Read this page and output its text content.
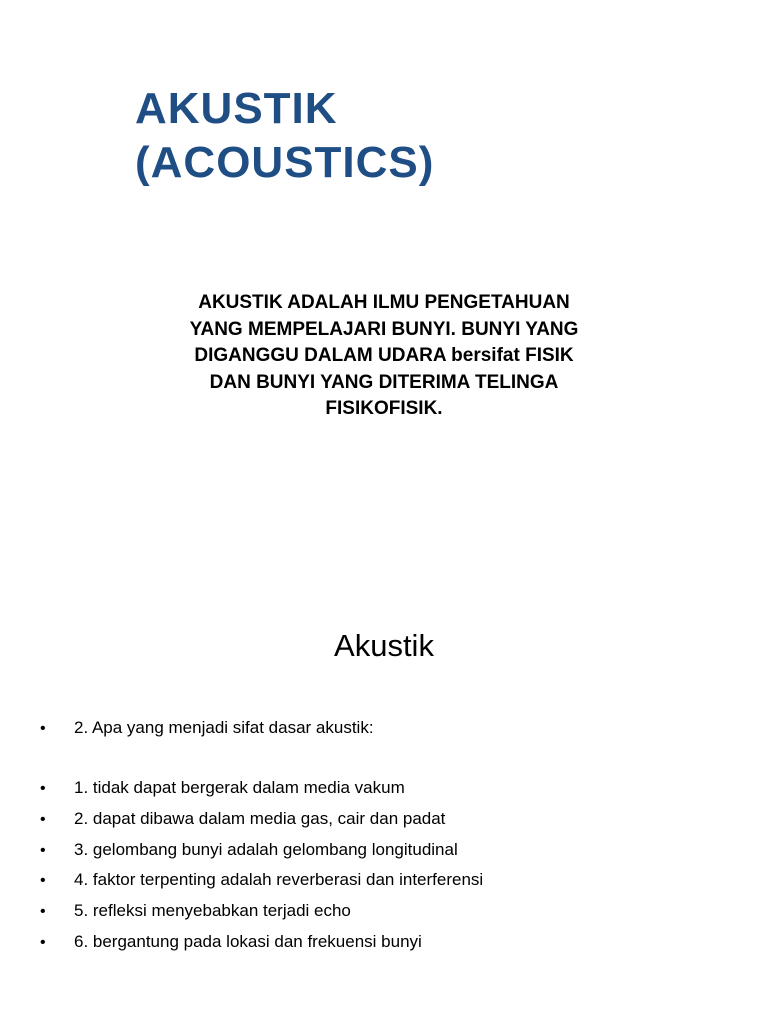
AKUSTIK
(ACOUSTICS)
AKUSTIK ADALAH ILMU PENGETAHUAN
YANG MEMPELAJARI BUNYI. BUNYI YANG
DIGANGGU DALAM UDARA bersifat FISIK
DAN BUNYI YANG DITERIMA TELINGA
FISIKOFISIK.
Akustik
• 2. Apa yang menjadi sifat dasar akustik:
• 1. tidak dapat bergerak dalam media vakum
• 2. dapat dibawa dalam media gas, cair dan padat
• 3. gelombang bunyi adalah gelombang longitudinal
• 4. faktor terpenting adalah reverberasi dan interferensi
• 5. refleksi menyebabkan terjadi echo
• 6. bergantung pada lokasi dan frekuensi bunyi
